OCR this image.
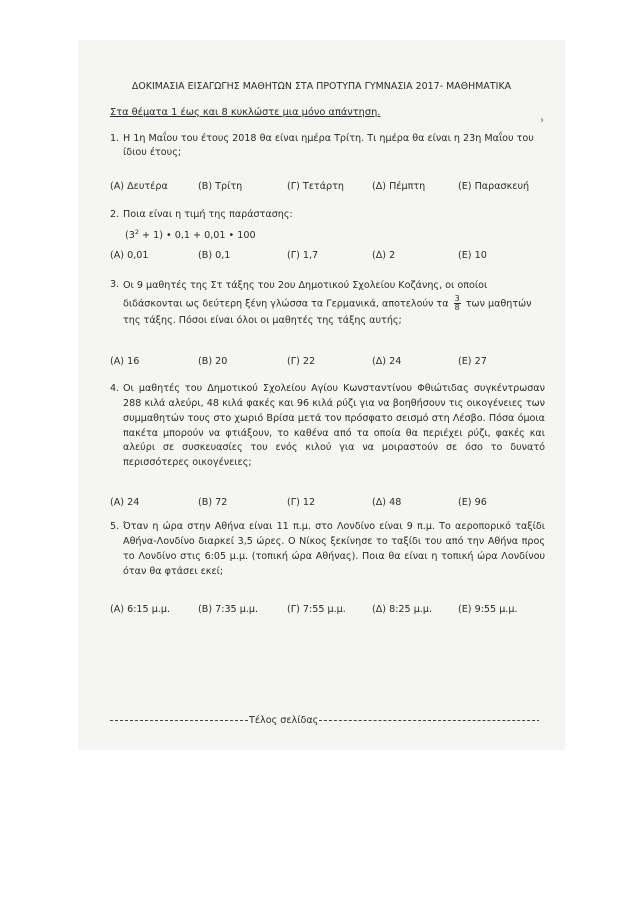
ΔΟΚΙΜΑΣΙΑ ΕΙΣΑΓΩΓΗΣ ΜΑΘΗΤΩΝ ΣΤΑ ΠΡΟΤΥΠΑ ΓΥΜΝΑΣΙΑ 2017- ΜΑΘΗΜΑΤΙΚΑ
Στα θέματα 1 έως και 8 κυκλώστε μια μόνο απάντηση.
›
1. Η 1η Μαΐου του έτους 2018 θα είναι ημέρα Τρίτη. Τι ημέρα θα είναι η 23η Μαΐου του ίδιου έτους;
(Α) Δευτέρα	(Β) Τρίτη	(Γ) Τετάρτη	(Δ) Πέμπτη	(Ε) Παρασκευή
2. Ποια είναι η τιμή της παράστασης:
$(3^2 + 1)$ • 0,1 + 0,01 • 100
(Α) 0,01	(Β) 0,1	(Γ) 1,7	(Δ) 2	(Ε) 10
3. Οι 9 μαθητές της Στ τάξης του 2ου Δημοτικού Σχολείου Κοζάνης, οι οποίοι διδάσκονται ως δεύτερη ξένη γλώσσα τα Γερμανικά, αποτελούν τα $\frac{3}{8}$ των μαθητών της τάξης. Πόσοι είναι όλοι οι μαθητές της τάξης αυτής;
(Α) 16	(Β) 20	(Γ) 22	(Δ) 24	(Ε) 27
4. Οι μαθητές του Δημοτικού Σχολείου Αγίου Κωνσταντίνου Φθιώτιδας συγκέντρωσαν 288 κιλά αλεύρι, 48 κιλά φακές και 96 κιλά ρύζι για να βοηθήσουν τις οικογένειες των συμμαθητών τους στο χωριό Βρίσα μετά τον πρόσφατο σεισμό στη Λέσβο. Πόσα όμοια πακέτα μπορούν να φτιάξουν, το καθένα από τα οποία θα περιέχει ρύζι, φακές και αλεύρι σε συσκευασίες του ενός κιλού για να μοιραστούν σε όσο το δυνατό περισσότερες οικογένειες;
(Α) 24	(Β) 72	(Γ) 12	(Δ) 48	(Ε) 96
5. Όταν η ώρα στην Αθήνα είναι 11 π.μ. στο Λονδίνο είναι 9 π.μ. Το αεροπορικό ταξίδι Αθήνα-Λονδίνο διαρκεί 3,5 ώρες. Ο Νίκος ξεκίνησε το ταξίδι του από την Αθήνα προς το Λονδίνο στις 6:05 μ.μ. (τοπική ώρα Αθήνας). Ποια θα είναι η τοπική ώρα Λονδίνου όταν θα φτάσει εκεί;
(Α) 6:15 μ.μ.	(Β) 7:35 μ.μ.	(Γ) 7:55 μ.μ.	(Δ) 8:25 μ.μ.	(Ε) 9:55 μ.μ.
Τέλος σελίδας
